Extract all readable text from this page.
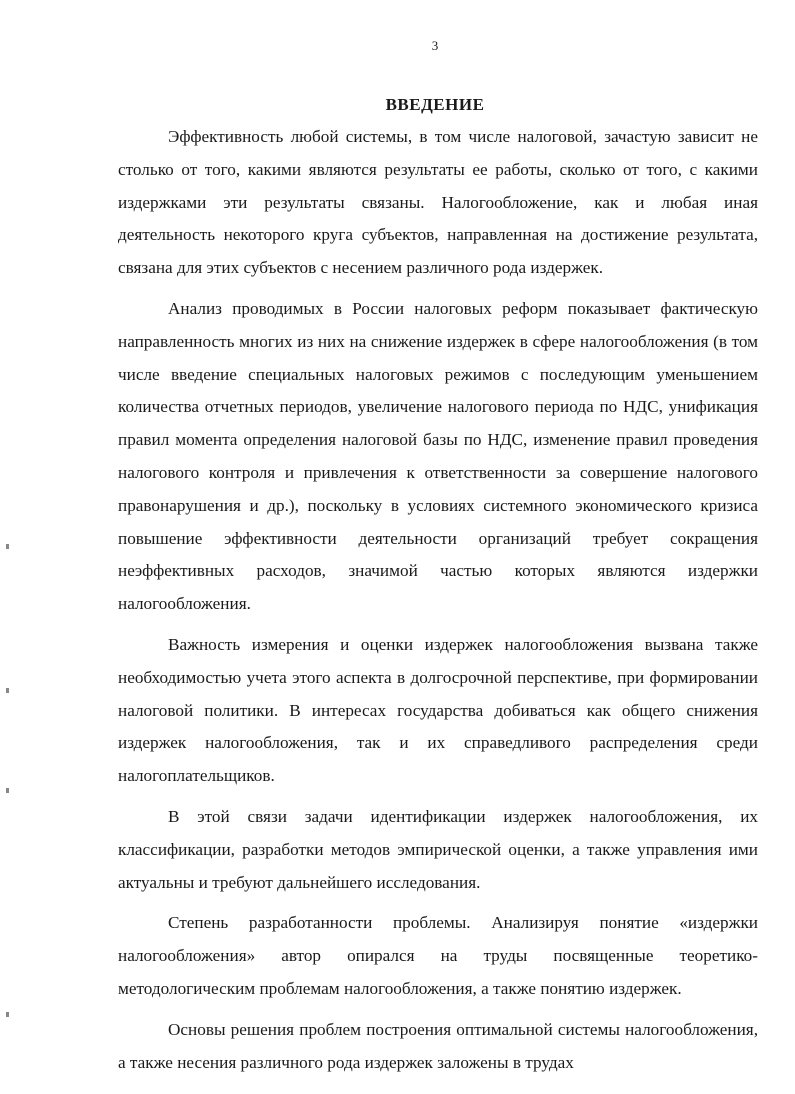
3
ВВЕДЕНИЕ

Эффективность любой системы, в том числе налоговой, зачастую зависит не столько от того, какими являются результаты ее работы, сколько от того, с какими издержками эти результаты связаны. Налогообложение, как и любая иная деятельность некоторого круга субъектов, направленная на достижение результата, связана для этих субъектов с несением различного рода издержек.

Анализ проводимых в России налоговых реформ показывает фактическую направленность многих из них на снижение издержек в сфере налогообложения (в том числе введение специальных налоговых режимов с последующим уменьшением количества отчетных периодов, увеличение налогового периода по НДС, унификация правил момента определения налоговой базы по НДС, изменение правил проведения налогового контроля и привлечения к ответственности за совершение налогового правонарушения и др.), поскольку в условиях системного экономического кризиса повышение эффективности деятельности организаций требует сокращения неэффективных расходов, значимой частью которых являются издержки налогообложения.

Важность измерения и оценки издержек налогообложения вызвана также необходимостью учета этого аспекта в долгосрочной перспективе, при формировании налоговой политики. В интересах государства добиваться как общего снижения издержек налогообложения, так и их справедливого распределения среди налогоплательщиков.

В этой связи задачи идентификации издержек налогообложения, их классификации, разработки методов эмпирической оценки, а также управления ими актуальны и требуют дальнейшего исследования.

Степень разработанности проблемы. Анализируя понятие «издержки налогообложения» автор опирался на труды посвященные теоретико-методологическим проблемам налогообложения, а также понятию издержек.

Основы решения проблем построения оптимальной системы налогообложения, а также несения различного рода издержек заложены в трудах
